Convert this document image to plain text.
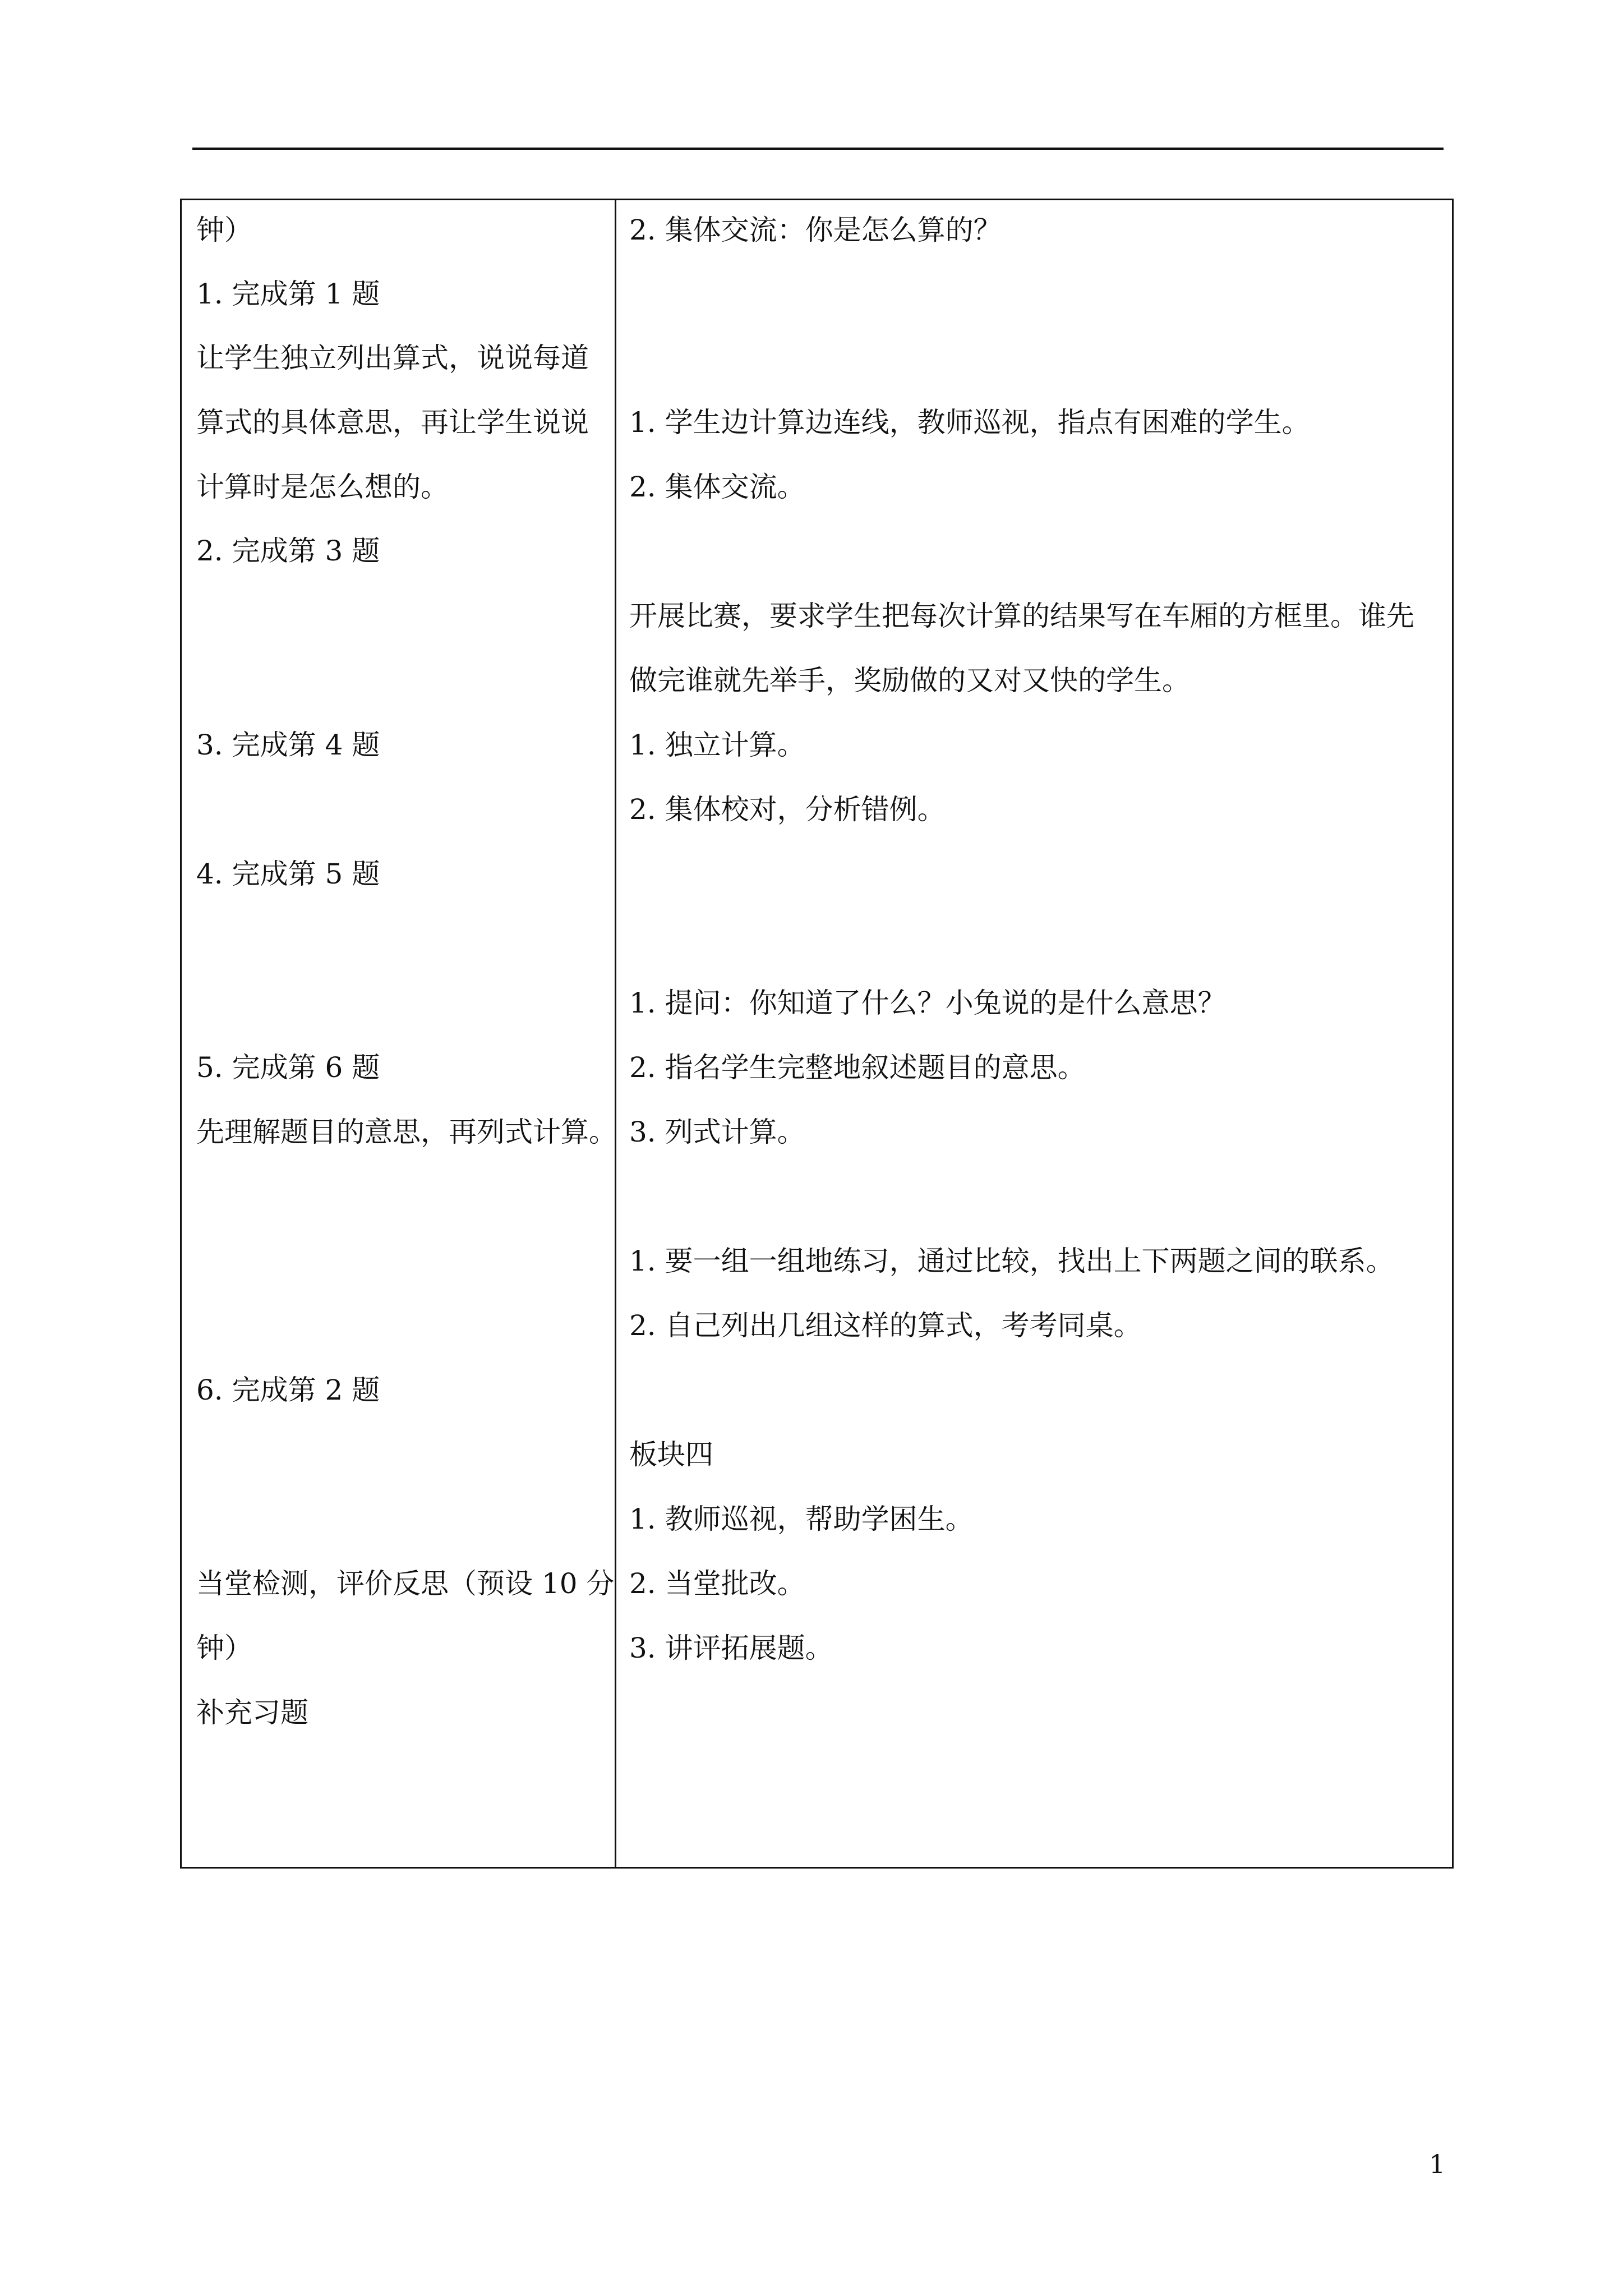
钟）

1. 完成第 1 题

让学生独立列出算式，说说每道

算式的具体意思，再让学生说说

计算时是怎么想的。

2. 完成第 3 题

3. 完成第 4 题

4. 完成第 5 题

5. 完成第 6 题

先理解题目的意思，再列式计算。

6. 完成第 2 题

当堂检测，评价反思（预设 10 分

钟）

补充习题

2. 集体交流：你是怎么算的？

1. 学生边计算边连线，教师巡视，指点有困难的学生。

2. 集体交流。

开展比赛，要求学生把每次计算的结果写在车厢的方框里。谁先

做完谁就先举手，奖励做的又对又快的学生。

1. 独立计算。

2. 集体校对，分析错例。

1. 提问：你知道了什么？小兔说的是什么意思？

2. 指名学生完整地叙述题目的意思。

3. 列式计算。

1. 要一组一组地练习，通过比较，找出上下两题之间的联系。

2. 自己列出几组这样的算式，考考同桌。

板块四

1. 教师巡视，帮助学困生。

2. 当堂批改。

3. 讲评拓展题。

1
